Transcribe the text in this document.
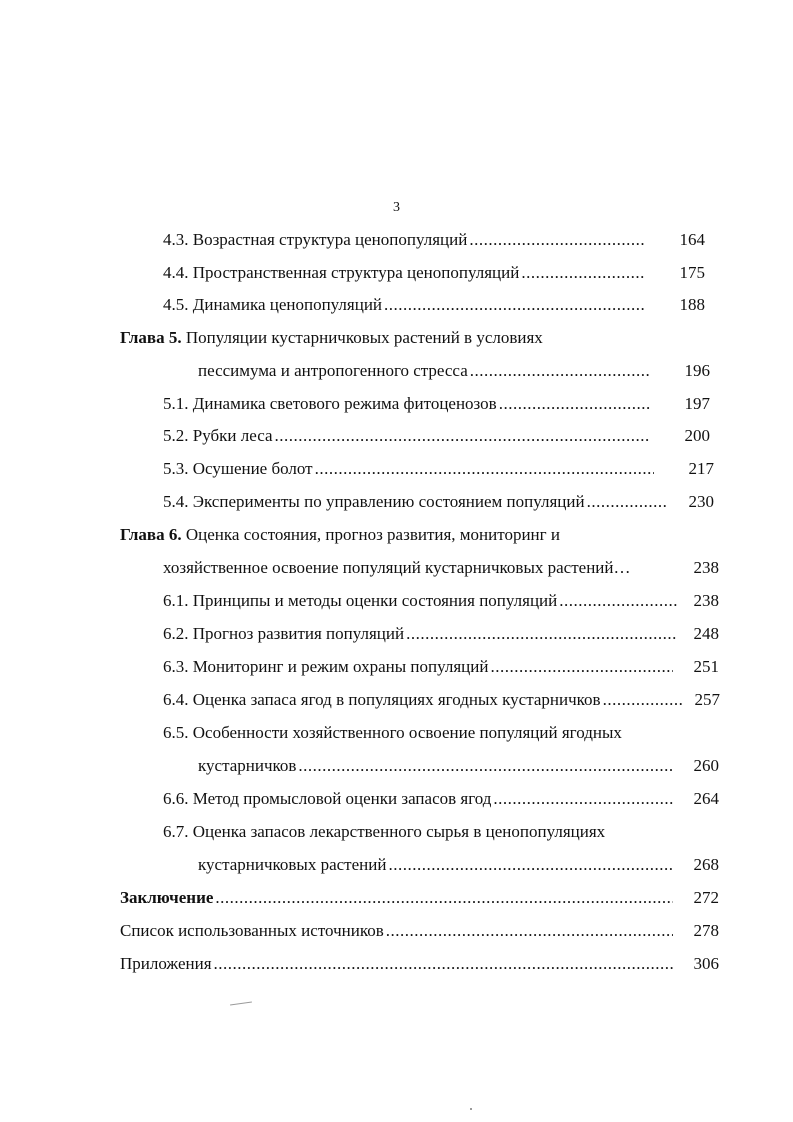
3
4.3. Возрастная структура ценопопуляций .....	164
4.4. Пространственная структура ценопопуляций .....	175
4.5. Динамика ценопопуляций .....	188
Глава 5. Популяции кустарничковых растений в условиях
пессимума и антропогенного стресса .....	196
5.1. Динамика светового режима фитоценозов .....	197
5.2. Рубки леса .....	200
5.3. Осушение болот .....	217
5.4. Эксперименты по управлению состоянием популяций .....	230
Глава 6. Оценка состояния, прогноз развития, мониторинг и
хозяйственное освоение популяций кустарничковых растений…	238
6.1. Принципы и методы оценки состояния популяций .....	238
6.2. Прогноз развития популяций .....	248
6.3. Мониторинг и режим охраны популяций .....	251
6.4. Оценка запаса ягод в популяциях ягодных кустарничков .....	257
6.5. Особенности хозяйственного освоение популяций ягодных
кустарничков .....	260
6.6. Метод промысловой оценки запасов ягод .....	264
6.7. Оценка запасов лекарственного сырья в ценопопуляциях
кустарничковых растений .....	268
Заключение .....	272
Список использованных источников .....	278
Приложения .....	306
